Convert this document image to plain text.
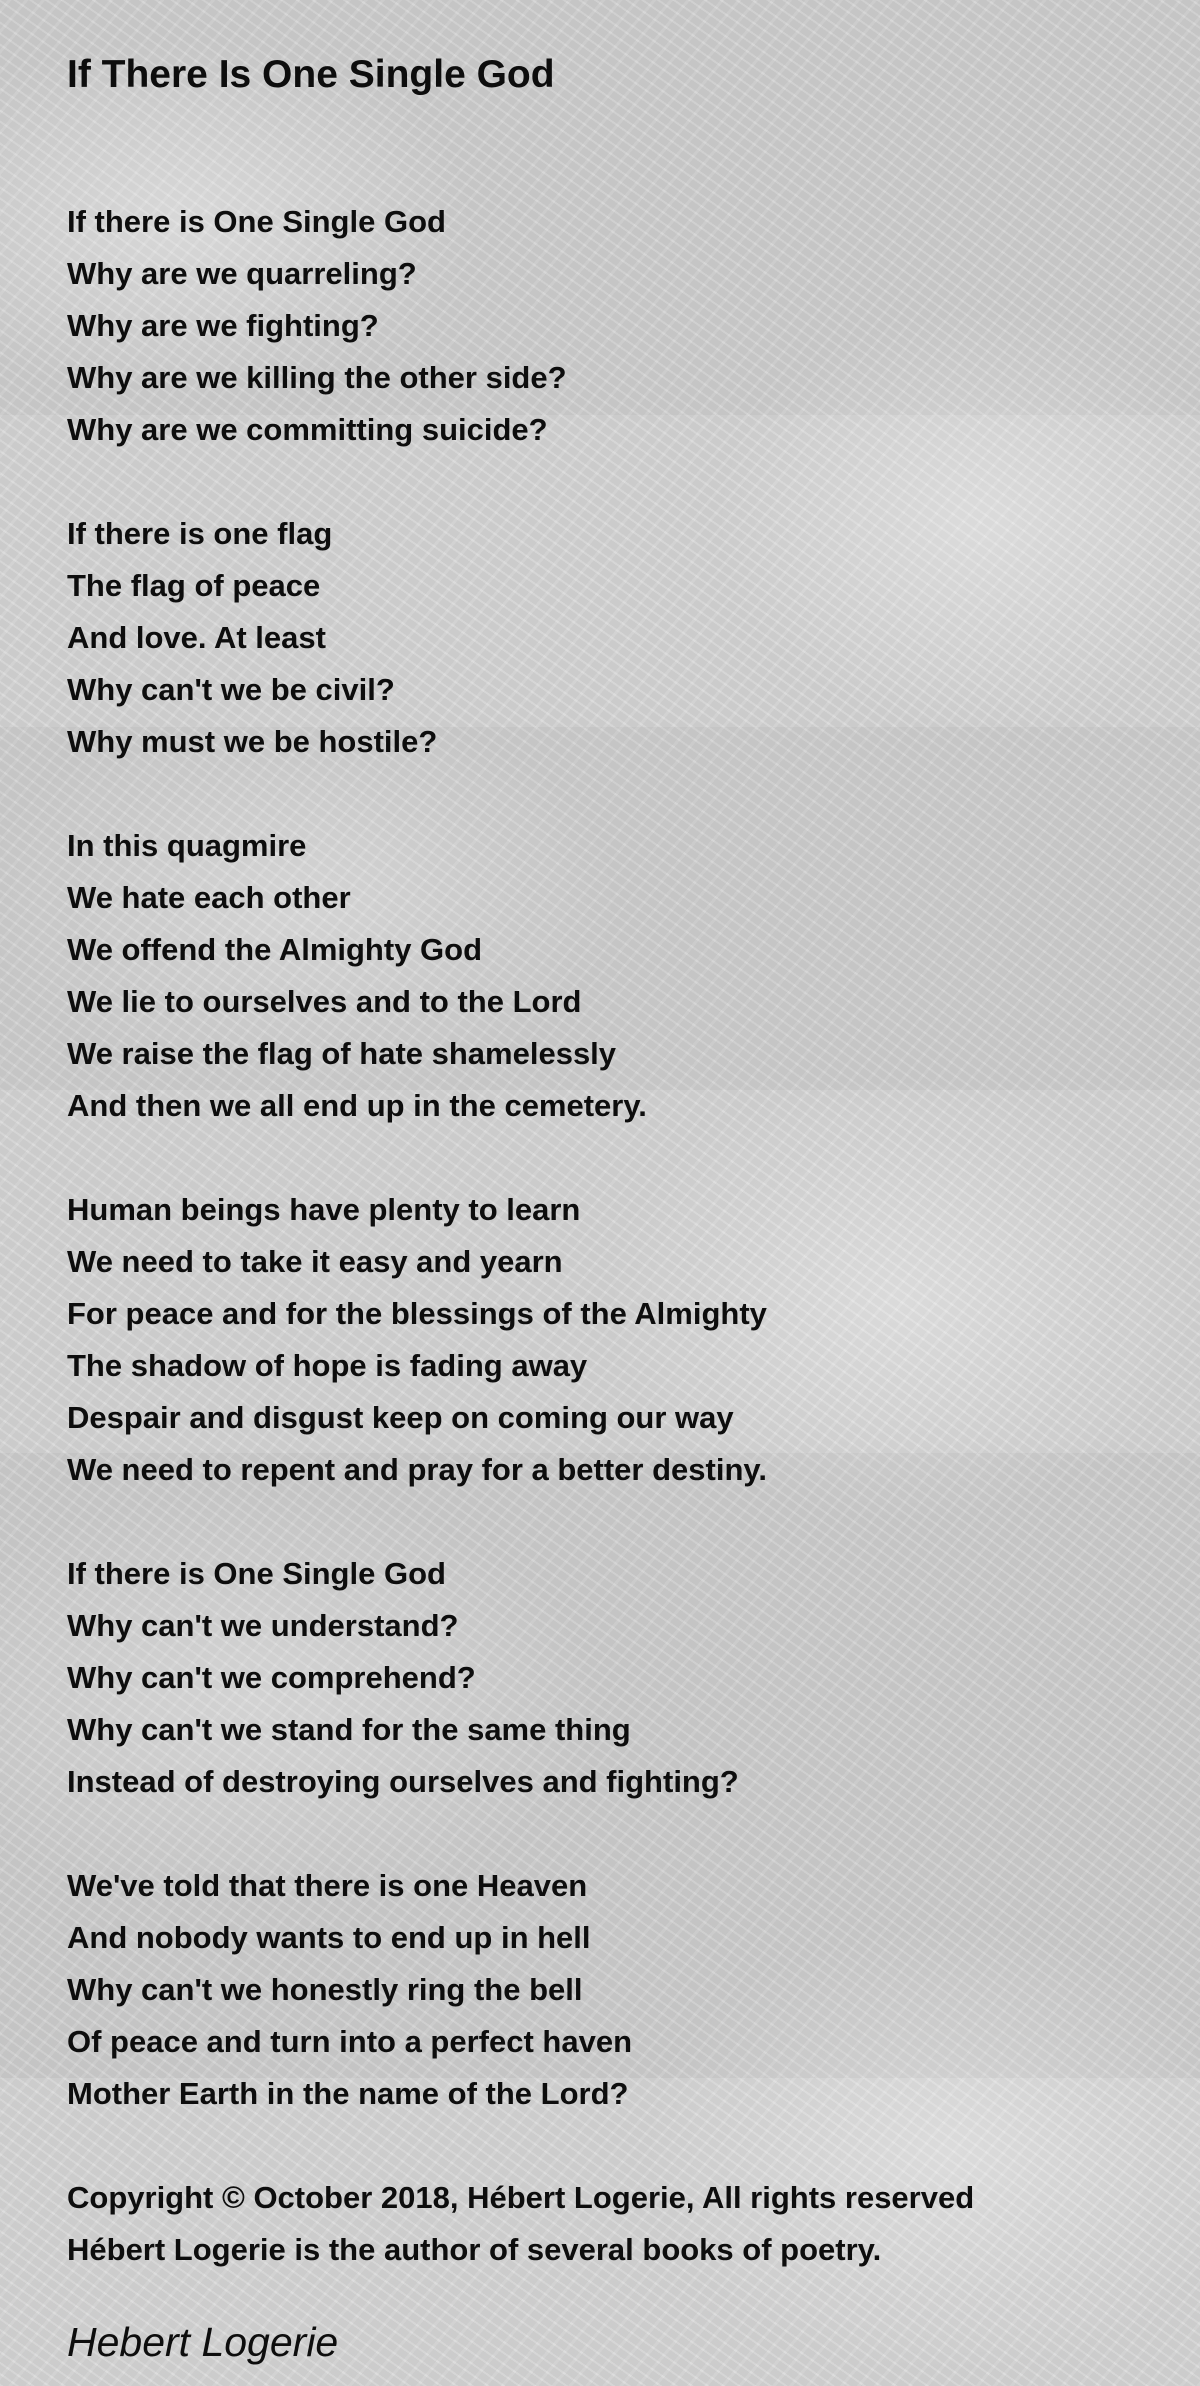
If There Is One Single God
If there is One Single God
Why are we quarreling?
Why are we fighting?
Why are we killing the other side?
Why are we committing suicide?
If there is one flag
The flag of peace
And love. At least
Why can't we be civil?
Why must we be hostile?
In this quagmire
We hate each other
We offend the Almighty God
We lie to ourselves and to the Lord
We raise the flag of hate shamelessly
And then we all end up in the cemetery.
Human beings have plenty to learn
We need to take it easy and yearn
For peace and for the blessings of the Almighty
The shadow of hope is fading away
Despair and disgust keep on coming our way
We need to repent and pray for a better destiny.
If there is One Single God
Why can't we understand?
Why can't we comprehend?
Why can't we stand for the same thing
Instead of destroying ourselves and fighting?
We've told that there is one Heaven
And nobody wants to end up in hell
Why can't we honestly ring the bell
Of peace and turn into a perfect haven
Mother Earth in the name of the Lord?
Copyright © October 2018, Hébert Logerie, All rights reserved
Hébert Logerie is the author of several books of poetry.
Hebert Logerie
